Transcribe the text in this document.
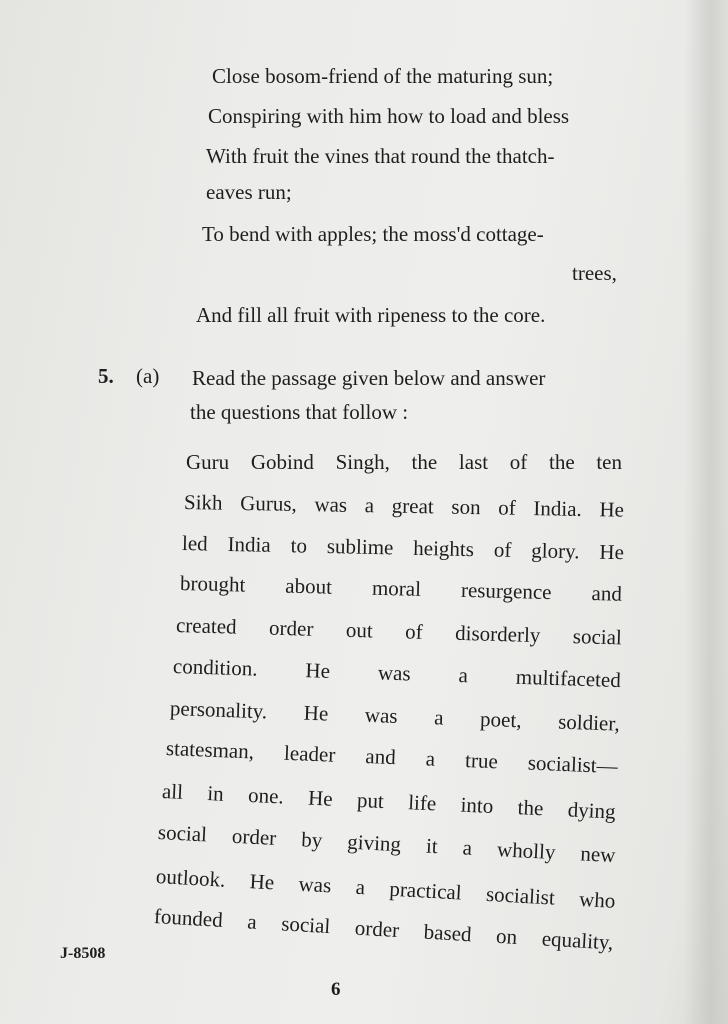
Close bosom-friend of the maturing sun;
Conspiring with him how to load and bless
With fruit the vines that round the thatch-
eaves run;
To bend with apples; the moss'd cottage-
trees,
And fill all fruit with ripeness to the core.
5. (a) Read the passage given below and answer
the questions that follow :
Guru Gobind Singh, the last of the ten
Sikh Gurus, was a great son of India. He
led India to sublime heights of glory. He
brought about moral resurgence and
created order out of disorderly social
condition. He was a multifaceted
personality. He was a poet, soldier,
statesman, leader and a true socialist—
all in one. He put life into the dying
social order by giving it a wholly new
outlook. He was a practical socialist who
founded a social order based on equality,
J-8508
6
